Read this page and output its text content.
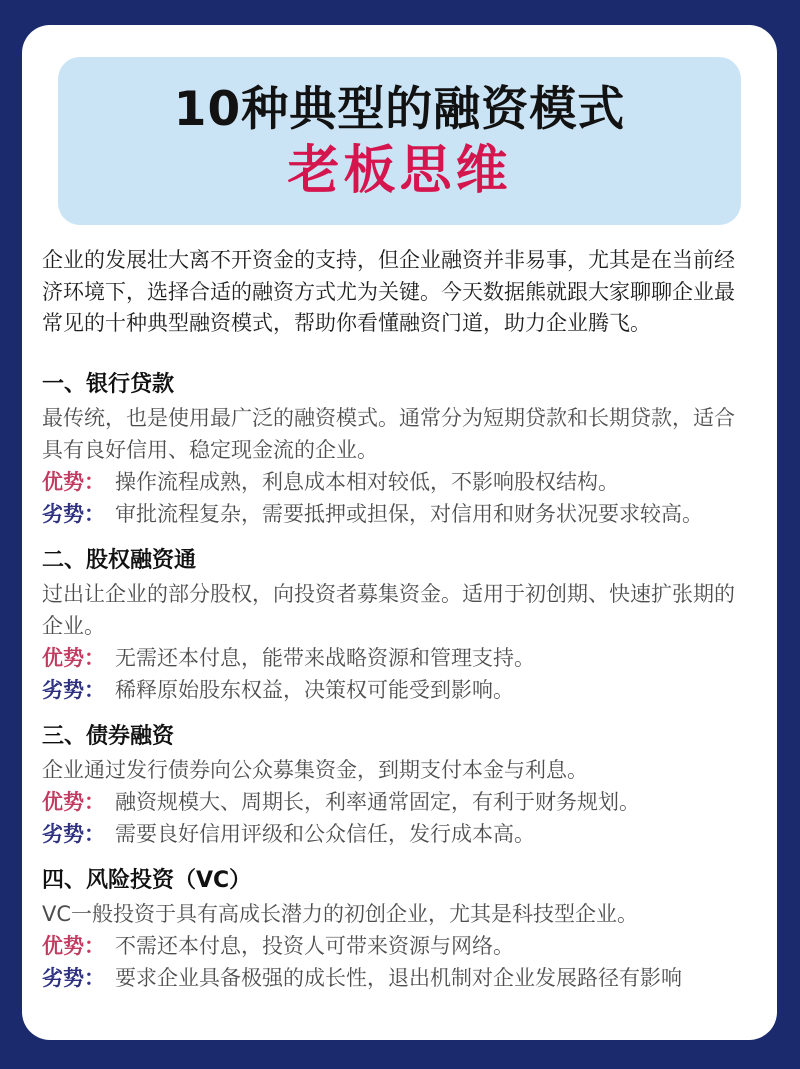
10种典型的融资模式
老板思维

企业的发展壮大离不开资金的支持，但企业融资并非易事，尤其是在当前经济环境下，选择合适的融资方式尤为关键。今天数据熊就跟大家聊聊企业最常见的十种典型融资模式，帮助你看懂融资门道，助力企业腾飞。

一、银行贷款

最传统，也是使用最广泛的融资模式。通常分为短期贷款和长期贷款，适合具有良好信用、稳定现金流的企业。

优势： 操作流程成熟，利息成本相对较低，不影响股权结构。

劣势： 审批流程复杂，需要抵押或担保，对信用和财务状况要求较高。

二、股权融资通

过出让企业的部分股权，向投资者募集资金。适用于初创期、快速扩张期的企业。

优势： 无需还本付息，能带来战略资源和管理支持。

劣势： 稀释原始股东权益，决策权可能受到影响。

三、债券融资

企业通过发行债券向公众募集资金，到期支付本金与利息。

优势： 融资规模大、周期长，利率通常固定，有利于财务规划。

劣势： 需要良好信用评级和公众信任，发行成本高。

四、风险投资（VC）

VC一般投资于具有高成长潜力的初创企业，尤其是科技型企业。

优势： 不需还本付息，投资人可带来资源与网络。

劣势： 要求企业具备极强的成长性，退出机制对企业发展路径有影响
